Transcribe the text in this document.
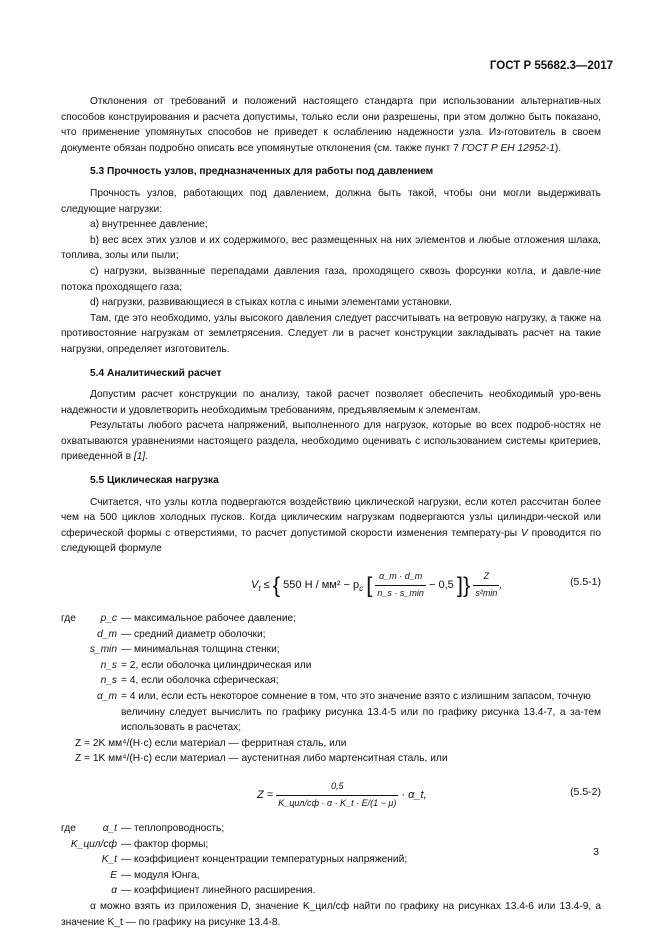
ГОСТ Р 55682.3—2017

Отклонения от требований и положений настоящего стандарта при использовании альтернатив-ных способов конструирования и расчета допустимы, только если они разрешены, при этом должно быть показано, что применение упомянутых способов не приведет к ослаблению надежности узла. Из-готовитель в своем документе обязан подробно описать все упомянутые отклонения (см. также пункт 7 ГОСТ Р ЕН 12952-1).

5.3 Прочность узлов, предназначенных для работы под давлением

Прочность узлов, работающих под давлением, должна быть такой, чтобы они могли выдерживать следующие нагрузки:

a) внутреннее давление;

b) вес всех этих узлов и их содержимого, вес размещенных на них элементов и любые отложения шлака, топлива, золы или пыли;

c) нагрузки, вызванные перепадами давления газа, проходящего сквозь форсунки котла, и давле-ние потока проходящего газа;

d) нагрузки, развивающиеся в стыках котла с иными элементами установки.

Там, где это необходимо, узлы высокого давления следует рассчитывать на ветровую нагрузку, а также на противостояние нагрузкам от землетрясения. Следует ли в расчет конструкции закладывать расчет на такие нагрузки, определяет изготовитель.

5.4 Аналитический расчет

Допустим расчет конструкции по анализу, такой расчет позволяет обеспечить необходимый уро-вень надежности и удовлетворить необходимым требованиям, предъявляемым к элементам.

Результаты любого расчета напряжений, выполненного для нагрузок, которые во всех подроб-ностях не охватываются уравнениями настоящего раздела, необходимо оценивать с использованием системы критериев, приведенной в [1].

5.5 Циклическая нагрузка

Считается, что узлы котла подвергаются воздействию циклической нагрузки, если котел рассчитан более чем на 500 циклов холодных пусков. Когда циклическим нагрузкам подвергаются узлы цилиндри-ческой или сферической формы с отверстиями, то расчет допустимой скорости изменения температу-ры V проводится по следующей формуле

$V_t$ ≤ { 550 $H / мм^2 - p_c$ [ $\frac{\alpha\_m \cdot d\_m}{n\_s \cdot s\_\min} - 0,5$ ]} $\frac{Z}{\text{s²min}}$ ,	(5.5-1)
где	p_c — максимальное рабочее давление;
d_m — средний диаметр оболочки;
s_min — минимальная толщина стенки;
n_s = 2, если оболочка цилиндрическая или
n_s = 4, если оболочка сферическая;
α_m = 4 или, если есть некоторое сомнение в том, что это значение взято с излишним запасом, точную

величину следует вычислить по графику рисунка 13.4-5 или по графику рисунка 13.4-7, а за-тем использовать в расчетах;

Z = 2K мм⁴/(H·c) если материал — ферритная сталь, или

Z = 1K мм⁴/(H·c) если материал — аустенитная либо мартенситная сталь, или

$Z = \frac{0,5}{\text{K\_цил/сф · α · K\_t · E/(1 − μ)}}$ · α_t,	(5.5-2)
где	α_t — теплопроводность;
K_цил/сф — фактор формы;
K_t — коэффициент концентрации температурных напряжений;
E — модуля Юнга,
α — коэффициент линейного расширения.

α можно взять из приложения D, значение K_цил/сф найти по графику на рисунках 13.4-6 или 13.4-9, а значение K_t — по графику на рисунке 13.4-8.

3
